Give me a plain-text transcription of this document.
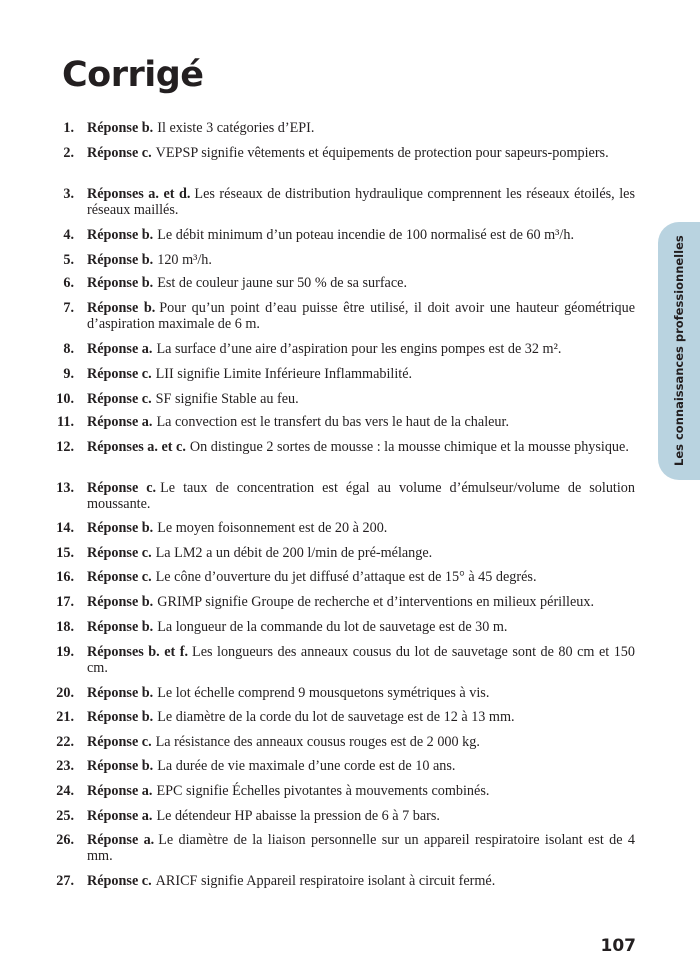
Corrigé
1. Réponse b. Il existe 3 catégories d’EPI.
2. Réponse c. VEPSP signifie vêtements et équipements de protection pour sapeurs-pompiers.
3. Réponses a. et d. Les réseaux de distribution hydraulique comprennent les réseaux étoilés, les réseaux maillés.
4. Réponse b. Le débit minimum d’un poteau incendie de 100 normalisé est de 60 m³/h.
5. Réponse b. 120 m³/h.
6. Réponse b. Est de couleur jaune sur 50 % de sa surface.
7. Réponse b. Pour qu’un point d’eau puisse être utilisé, il doit avoir une hauteur géométrique d’aspiration maximale de 6 m.
8. Réponse a. La surface d’une aire d’aspiration pour les engins pompes est de 32 m².
9. Réponse c. LII signifie Limite Inférieure Inflammabilité.
10. Réponse c. SF signifie Stable au feu.
11. Réponse a. La convection est le transfert du bas vers le haut de la chaleur.
12. Réponses a. et c. On distingue 2 sortes de mousse : la mousse chimique et la mousse physique.
13. Réponse c. Le taux de concentration est égal au volume d’émulseur/volume de solution moussante.
14. Réponse b. Le moyen foisonnement est de 20 à 200.
15. Réponse c. La LM2 a un débit de 200 l/min de pré-mélange.
16. Réponse c. Le cône d’ouverture du jet diffusé d’attaque est de 15° à 45 degrés.
17. Réponse b. GRIMP signifie Groupe de recherche et d’interventions en milieux périlleux.
18. Réponse b. La longueur de la commande du lot de sauvetage est de 30 m.
19. Réponses b. et f. Les longueurs des anneaux cousus du lot de sauvetage sont de 80 cm et 150 cm.
20. Réponse b. Le lot échelle comprend 9 mousquetons symétriques à vis.
21. Réponse b. Le diamètre de la corde du lot de sauvetage est de 12 à 13 mm.
22. Réponse c. La résistance des anneaux cousus rouges est de 2 000 kg.
23. Réponse b. La durée de vie maximale d’une corde est de 10 ans.
24. Réponse a. EPC signifie Échelles pivotantes à mouvements combinés.
25. Réponse a. Le détendeur HP abaisse la pression de 6 à 7 bars.
26. Réponse a. Le diamètre de la liaison personnelle sur un appareil respiratoire isolant est de 4 mm.
27. Réponse c. ARICF signifie Appareil respiratoire isolant à circuit fermé.
Les connaissances professionnelles
107
